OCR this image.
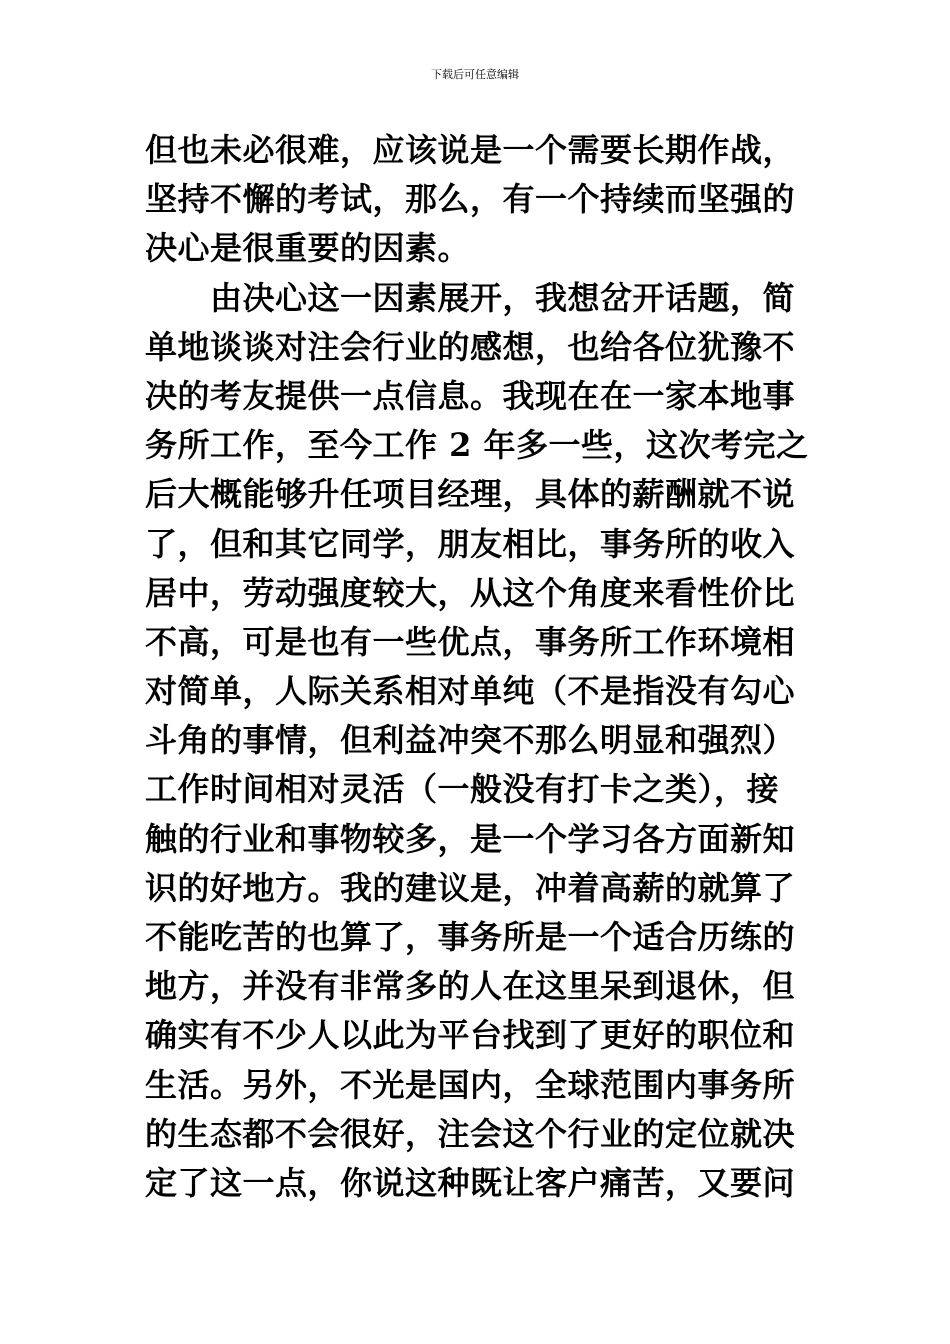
下载后可任意编辑
但也未必很难，应该说是一个需要长期作战，
坚持不懈的考试，那么，有一个持续而坚强的
决心是很重要的因素。
　　由决心这一因素展开，我想岔开话题，简
单地谈谈对注会行业的感想，也给各位犹豫不
决的考友提供一点信息。我现在在一家本地事
务所工作，至今工作 2 年多一些，这次考完之
后大概能够升任项目经理，具体的薪酬就不说
了，但和其它同学，朋友相比，事务所的收入
居中，劳动强度较大，从这个角度来看性价比
不高，可是也有一些优点，事务所工作环境相
对简单，人际关系相对单纯（不是指没有勾心
斗角的事情，但利益冲突不那么明显和强烈）
工作时间相对灵活（一般没有打卡之类），接
触的行业和事物较多，是一个学习各方面新知
识的好地方。我的建议是，冲着高薪的就算了
不能吃苦的也算了，事务所是一个适合历练的
地方，并没有非常多的人在这里呆到退休，但
确实有不少人以此为平台找到了更好的职位和
生活。另外，不光是国内，全球范围内事务所
的生态都不会很好，注会这个行业的定位就决
定了这一点，你说这种既让客户痛苦，又要问
